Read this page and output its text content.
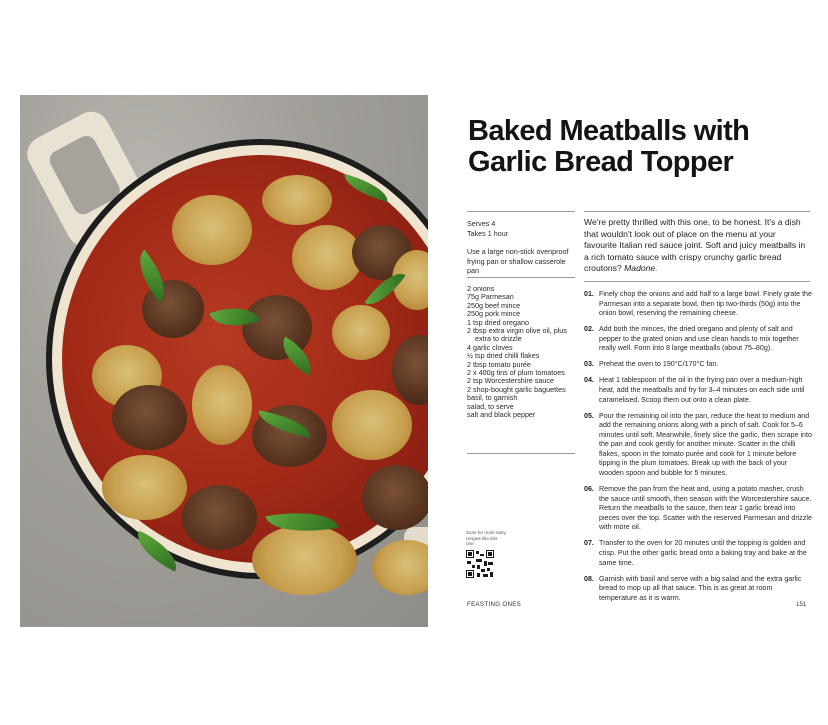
Baked Meatballs with
Garlic Bread Topper

Serves 4

Takes 1 hour

Use a large non-stick ovenproof frying pan or shallow casserole pan

2 onions
75g Parmesan
250g beef mince
250g pork mince
1 tsp dried oregano
2 tbsp extra virgin olive oil, plus extra to drizzle
4 garlic cloves
½ tsp dried chilli flakes
2 tbsp tomato purée
2 x 400g tins of plum tomatoes
2 tsp Worcestershire sauce
2 shop-bought garlic baguettes
basil, to garnish
salad, to serve
salt and black pepper

We're pretty thrilled with this one, to be honest. It's a dish that wouldn't look out of place on the menu at your favourite Italian red sauce joint. Soft and juicy meatballs in a rich tomato sauce with crispy crunchy garlic bread croutons? Madone.

01. Finely chop the onions and add half to a large bowl. Finely grate the Parmesan into a separate bowl, then tip two-thirds (50g) into the onion bowl, reserving the remaining cheese.
02. Add both the minces, the dried oregano and plenty of salt and pepper to the grated onion and use clean hands to mix together really well. Form into 8 large meatballs (about 75–80g).
03. Preheat the oven to 190°C/170°C fan.
04. Heat 1 tablespoon of the oil in the frying pan over a medium-high heat, add the meatballs and fry for 3–4 minutes on each side until caramelised. Scoop them out onto a clean plate.
05. Pour the remaining oil into the pan, reduce the heat to medium and add the remaining onions along with a pinch of salt. Cook for 5–6 minutes until soft. Meanwhile, finely slice the garlic, then scrape into the pan and cook gently for another minute. Scatter in the chilli flakes, spoon in the tomato purée and cook for 1 minute before tipping in the plum tomatoes. Break up with the back of your wooden spoon and bubble for 5 minutes.
06. Remove the pan from the heat and, using a potato masher, crush the sauce until smooth, then season with the Worcestershire sauce. Return the meatballs to the sauce, then tear 1 garlic bread into pieces over the top. Scatter with the reserved Parmesan and drizzle with more oil.
07. Transfer to the oven for 20 minutes until the topping is golden and crisp. Put the other garlic bread onto a baking tray and bake at the same time.
08. Garnish with basil and serve with a big salad and the extra garlic bread to mop up all that sauce. This is as great at room temperature as it is warm.
Scan for more tasty recipes like this one
FEASTING ONES	151
